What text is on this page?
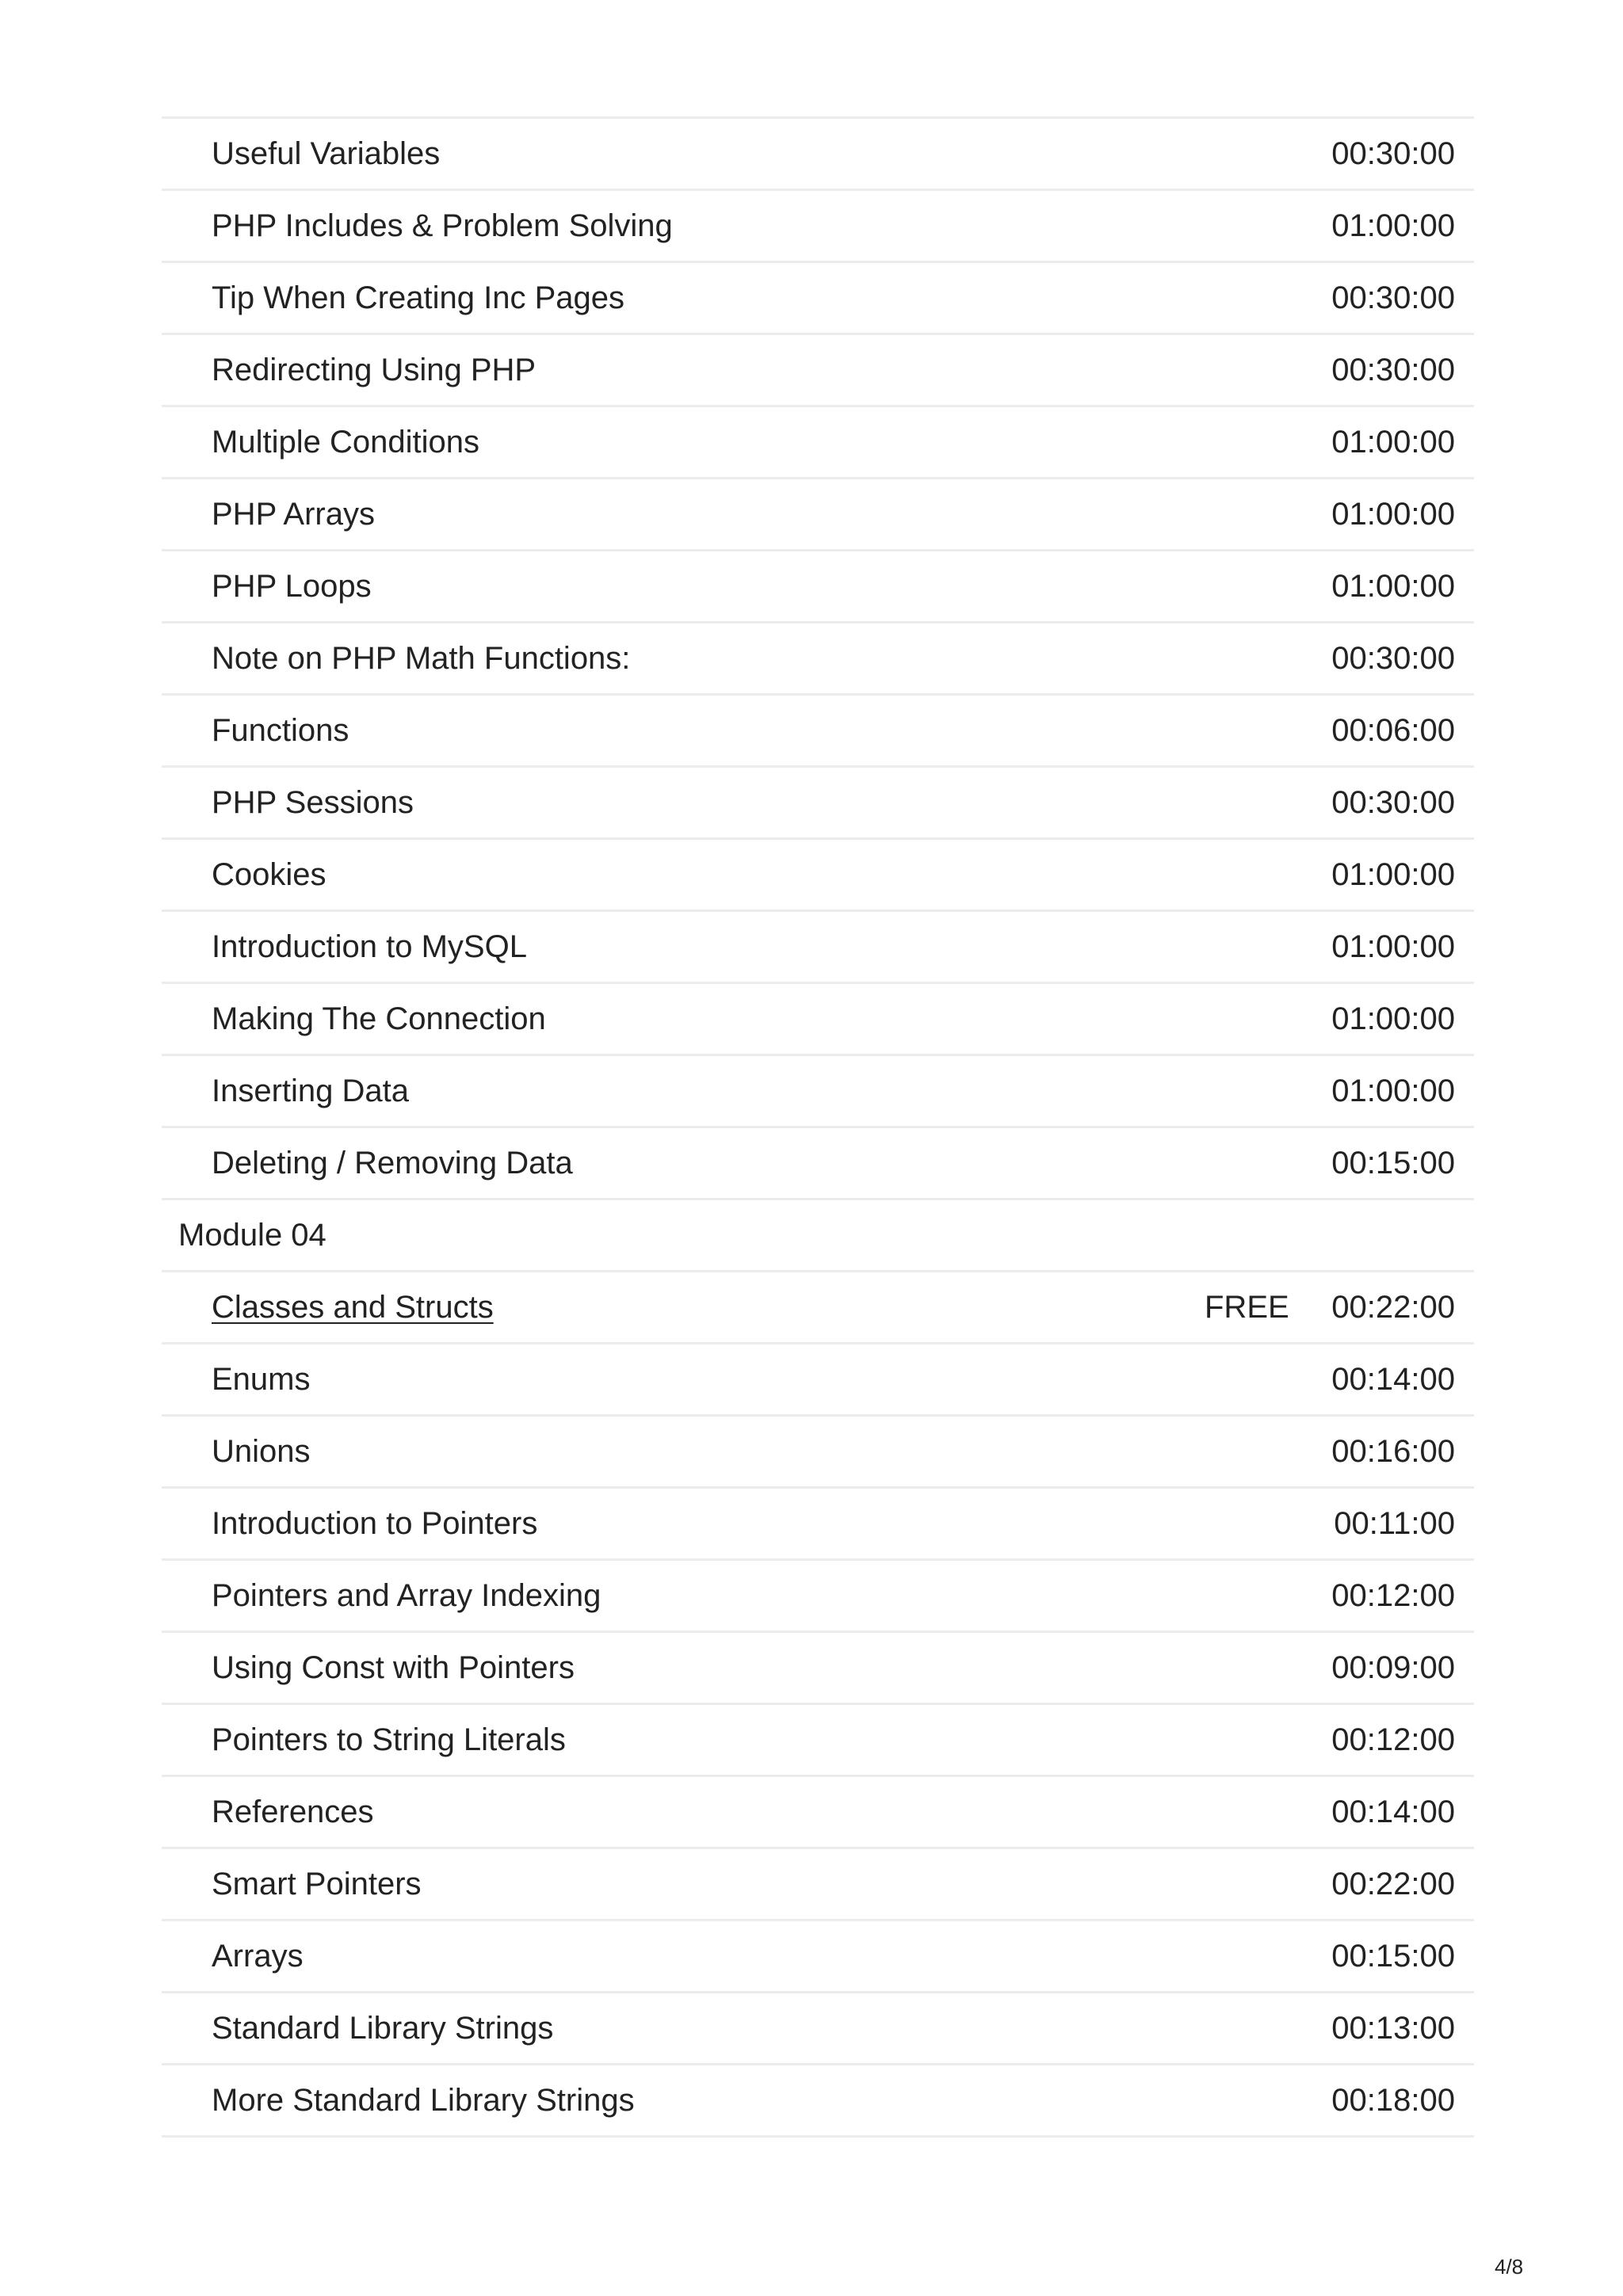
Useful Variables	00:30:00
PHP Includes & Problem Solving	01:00:00
Tip When Creating Inc Pages	00:30:00
Redirecting Using PHP	00:30:00
Multiple Conditions	01:00:00
PHP Arrays	01:00:00
PHP Loops	01:00:00
Note on PHP Math Functions:	00:30:00
Functions	00:06:00
PHP Sessions	00:30:00
Cookies	01:00:00
Introduction to MySQL	01:00:00
Making The Connection	01:00:00
Inserting Data	01:00:00
Deleting / Removing Data	00:15:00
Module 04
Classes and Structs	FREE	00:22:00
Enums	00:14:00
Unions	00:16:00
Introduction to Pointers	00:11:00
Pointers and Array Indexing	00:12:00
Using Const with Pointers	00:09:00
Pointers to String Literals	00:12:00
References	00:14:00
Smart Pointers	00:22:00
Arrays	00:15:00
Standard Library Strings	00:13:00
More Standard Library Strings	00:18:00
4/8
